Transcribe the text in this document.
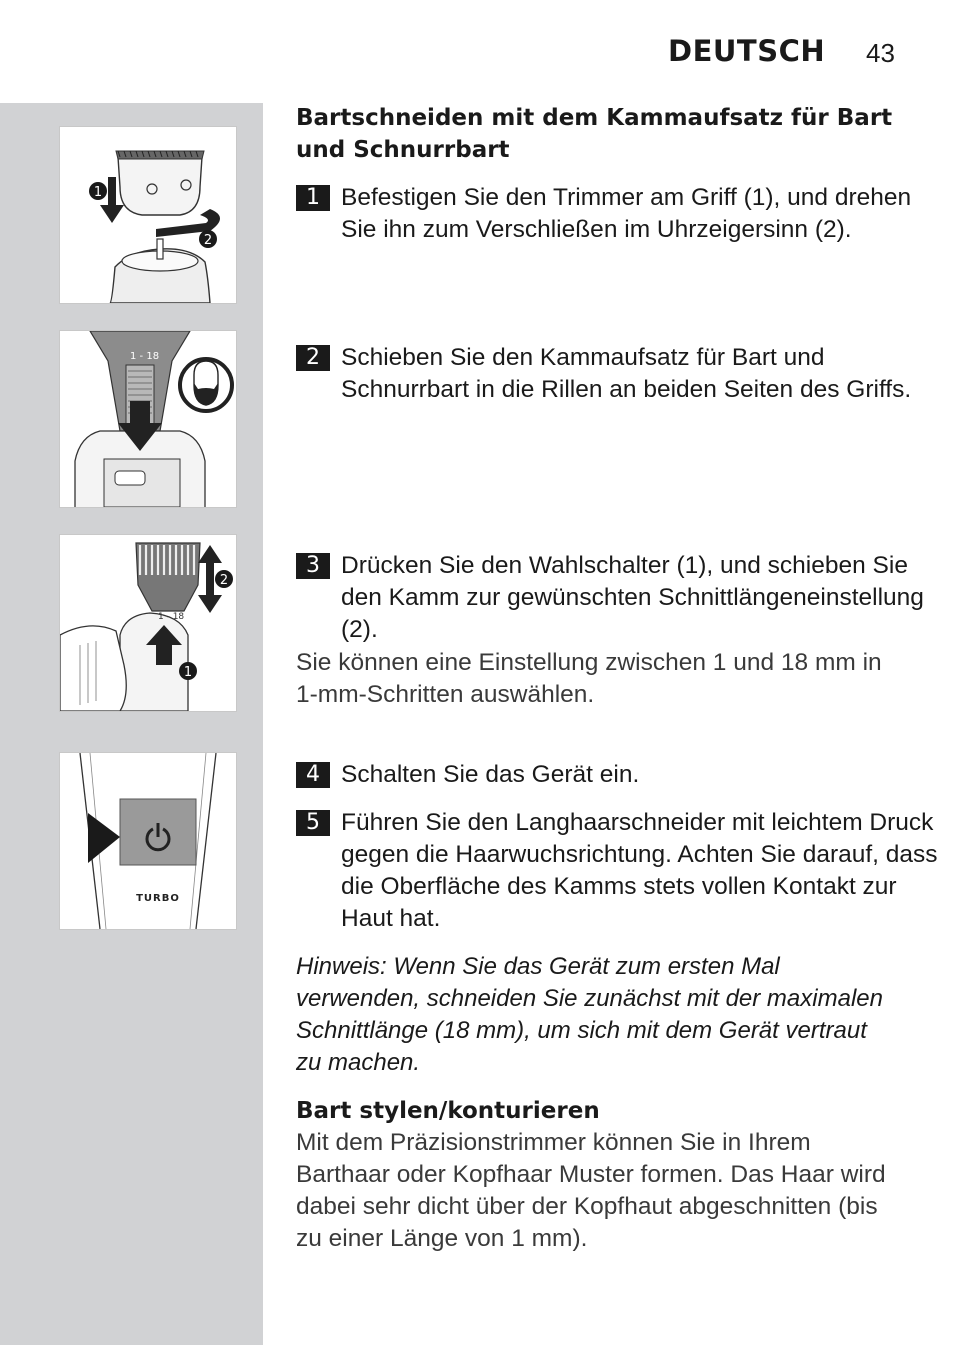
DEUTSCH 43
1
2
1 - 18
1 - 18
2
1
TURBO
Bartschneiden mit dem Kammaufsatz für Bart und Schnurrbart
1 Befestigen Sie den Trimmer am Griff (1), und drehen Sie ihn zum Verschließen im Uhrzeigersinn (2).
2 Schieben Sie den Kammaufsatz für Bart und Schnurrbart in die Rillen an beiden Seiten des Griffs.
3 Drücken Sie den Wahlschalter (1), und schieben Sie den Kamm zur gewünschten Schnittlängeneinstellung (2).
Sie können eine Einstellung zwischen 1 und 18 mm in 1-mm-Schritten auswählen.
4 Schalten Sie das Gerät ein.
5 Führen Sie den Langhaarschneider mit leichtem Druck gegen die Haarwuchsrichtung. Achten Sie darauf, dass die Oberfläche des Kamms stets vollen Kontakt zur Haut hat.
Hinweis: Wenn Sie das Gerät zum ersten Mal verwenden, schneiden Sie zunächst mit der maximalen Schnittlänge (18 mm), um sich mit dem Gerät vertraut zu machen.
Bart stylen/konturieren
Mit dem Präzisionstrimmer können Sie in Ihrem Barthaar oder Kopfhaar Muster formen. Das Haar wird dabei sehr dicht über der Kopfhaut abgeschnitten (bis zu einer Länge von 1 mm).
